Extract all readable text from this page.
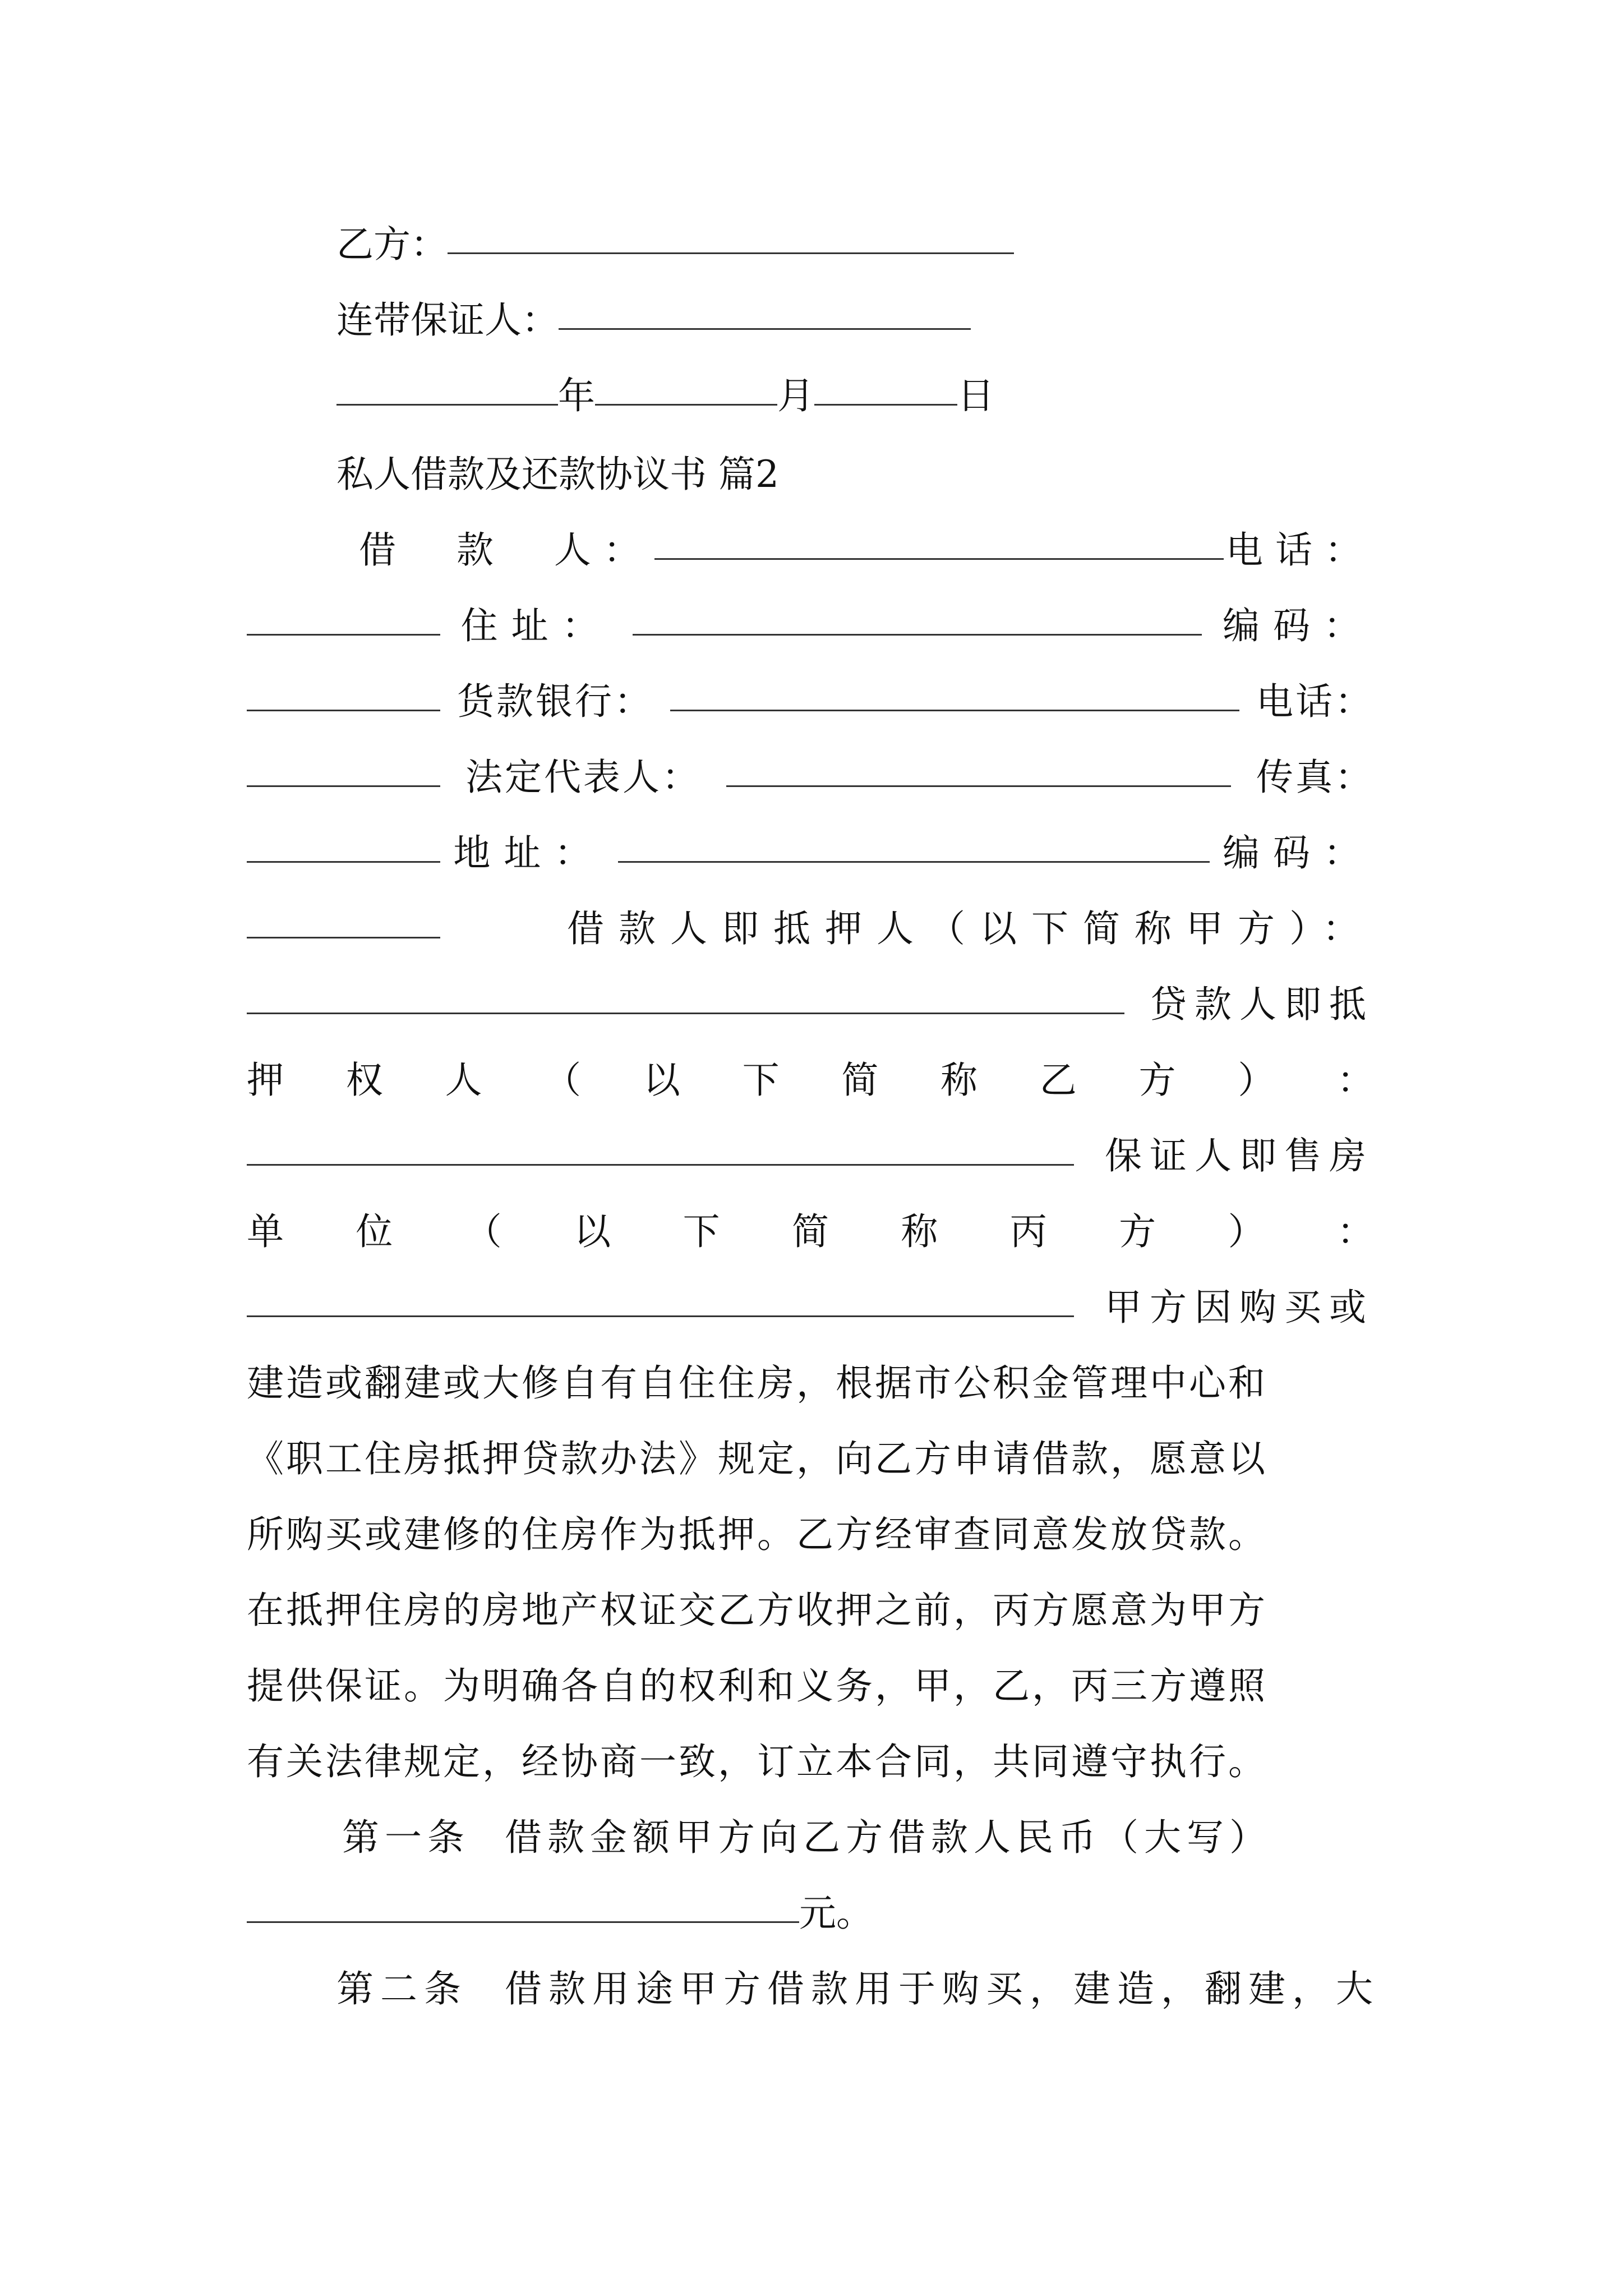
乙方：
连带保证人：
年	月	日
私人借款及还款协议书 篇2
借  款  人：	电话：
住址：	编码：
货款银行：	电话：
法定代表人：	传真：
地址：	编码：
借款人即抵押人（以下简称甲方）：
贷款人即抵
押 权 人 （ 以 下 简 称 乙 方 ） ：
保证人即售房
单 位 （ 以 下 简 称 丙 方 ） ：
甲方因购买或
建造或翻建或大修自有自住住房，根据市公积金管理中心和
《职工住房抵押贷款办法》规定，向乙方申请借款，愿意以
所购买或建修的住房作为抵押。乙方经审查同意发放贷款。
在抵押住房的房地产权证交乙方收押之前，丙方愿意为甲方
提供保证。为明确各自的权利和义务，甲，乙，丙三方遵照
有关法律规定，经协商一致，订立本合同，共同遵守执行。
第一条  借款金额甲方向乙方借款人民币（大写）
元。
第二条  借款用途甲方借款用于购买，建造，翻建，大
